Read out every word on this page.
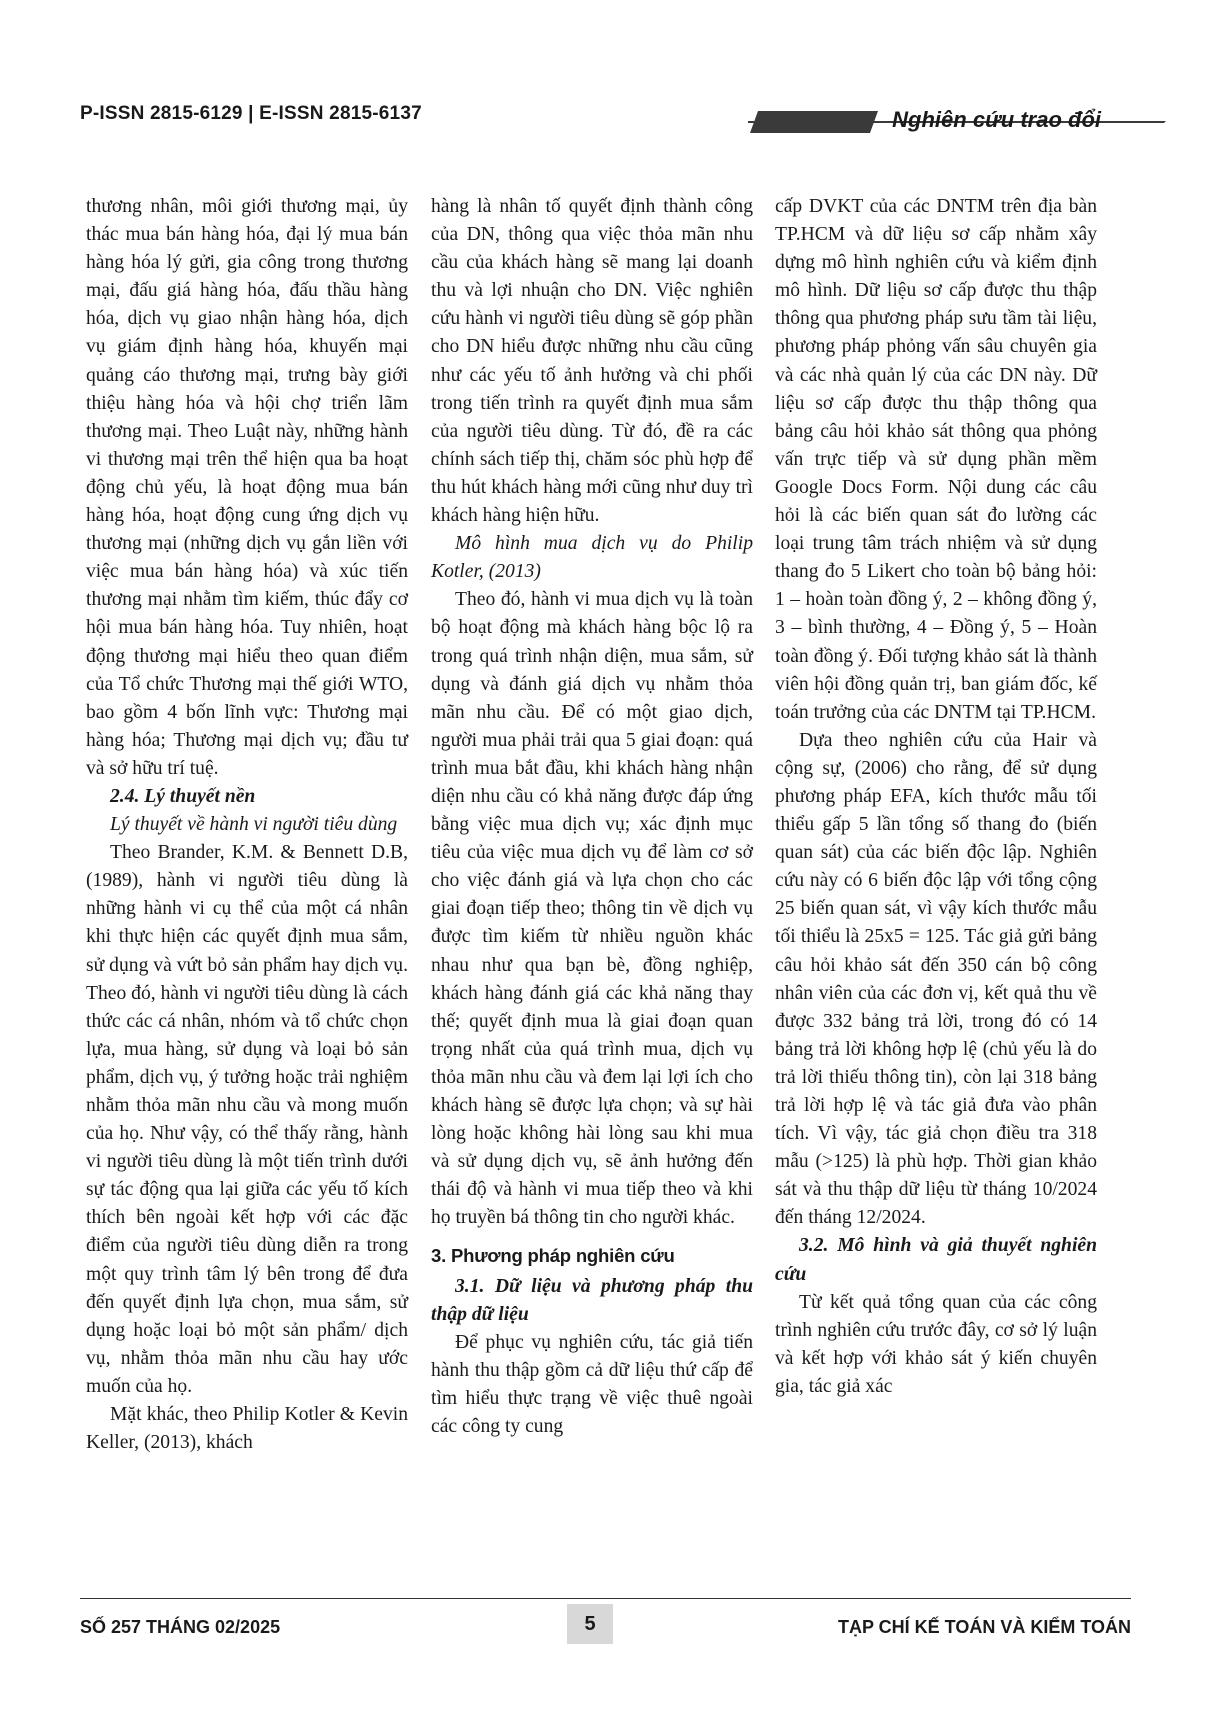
P-ISSN 2815-6129 | E-ISSN 2815-6137	Nghiên cứu trao đổi

thương nhân, môi giới thương mại, ủy thác mua bán hàng hóa, đại lý mua bán hàng hóa lý gửi, gia công trong thương mại, đấu giá hàng hóa, đấu thầu hàng hóa, dịch vụ giao nhận hàng hóa, dịch vụ giám định hàng hóa, khuyến mại quảng cáo thương mại, trưng bày giới thiệu hàng hóa và hội chợ triển lãm thương mại. Theo Luật này, những hành vi thương mại trên thể hiện qua ba hoạt động chủ yếu, là hoạt động mua bán hàng hóa, hoạt động cung ứng dịch vụ thương mại (những dịch vụ gắn liền với việc mua bán hàng hóa) và xúc tiến thương mại nhằm tìm kiếm, thúc đẩy cơ hội mua bán hàng hóa. Tuy nhiên, hoạt động thương mại hiểu theo quan điểm của Tổ chức Thương mại thế giới WTO, bao gồm 4 bốn lĩnh vực: Thương mại hàng hóa; Thương mại dịch vụ; đầu tư và sở hữu trí tuệ.

2.4. Lý thuyết nền

Lý thuyết về hành vi người tiêu dùng

Theo Brander, K.M. & Bennett D.B, (1989), hành vi người tiêu dùng là những hành vi cụ thể của một cá nhân khi thực hiện các quyết định mua sắm, sử dụng và vứt bỏ sản phẩm hay dịch vụ. Theo đó, hành vi người tiêu dùng là cách thức các cá nhân, nhóm và tổ chức chọn lựa, mua hàng, sử dụng và loại bỏ sản phẩm, dịch vụ, ý tưởng hoặc trải nghiệm nhằm thỏa mãn nhu cầu và mong muốn của họ. Như vậy, có thể thấy rằng, hành vi người tiêu dùng là một tiến trình dưới sự tác động qua lại giữa các yếu tố kích thích bên ngoài kết hợp với các đặc điểm của người tiêu dùng diễn ra trong một quy trình tâm lý bên trong để đưa đến quyết định lựa chọn, mua sắm, sử dụng hoặc loại bỏ một sản phẩm/ dịch vụ, nhằm thỏa mãn nhu cầu hay ước muốn của họ.

Mặt khác, theo Philip Kotler & Kevin Keller, (2013), khách

hàng là nhân tố quyết định thành công của DN, thông qua việc thỏa mãn nhu cầu của khách hàng sẽ mang lại doanh thu và lợi nhuận cho DN. Việc nghiên cứu hành vi người tiêu dùng sẽ góp phần cho DN hiểu được những nhu cầu cũng như các yếu tố ảnh hưởng và chi phối trong tiến trình ra quyết định mua sắm của người tiêu dùng. Từ đó, đề ra các chính sách tiếp thị, chăm sóc phù hợp để thu hút khách hàng mới cũng như duy trì khách hàng hiện hữu.

Mô hình mua dịch vụ do Philip Kotler, (2013)

Theo đó, hành vi mua dịch vụ là toàn bộ hoạt động mà khách hàng bộc lộ ra trong quá trình nhận diện, mua sắm, sử dụng và đánh giá dịch vụ nhằm thỏa mãn nhu cầu. Để có một giao dịch, người mua phải trải qua 5 giai đoạn: quá trình mua bắt đầu, khi khách hàng nhận diện nhu cầu có khả năng được đáp ứng bằng việc mua dịch vụ; xác định mục tiêu của việc mua dịch vụ để làm cơ sở cho việc đánh giá và lựa chọn cho các giai đoạn tiếp theo; thông tin về dịch vụ được tìm kiếm từ nhiều nguồn khác nhau như qua bạn bè, đồng nghiệp, khách hàng đánh giá các khả năng thay thế; quyết định mua là giai đoạn quan trọng nhất của quá trình mua, dịch vụ thỏa mãn nhu cầu và đem lại lợi ích cho khách hàng sẽ được lựa chọn; và sự hài lòng hoặc không hài lòng sau khi mua và sử dụng dịch vụ, sẽ ảnh hưởng đến thái độ và hành vi mua tiếp theo và khi họ truyền bá thông tin cho người khác.

3. Phương pháp nghiên cứu
3.1. Dữ liệu và phương pháp thu thập dữ liệu

Để phục vụ nghiên cứu, tác giả tiến hành thu thập gồm cả dữ liệu thứ cấp để tìm hiểu thực trạng về việc thuê ngoài các công ty cung

cấp DVKT của các DNTM trên địa bàn TP.HCM và dữ liệu sơ cấp nhằm xây dựng mô hình nghiên cứu và kiểm định mô hình. Dữ liệu sơ cấp được thu thập thông qua phương pháp sưu tầm tài liệu, phương pháp phỏng vấn sâu chuyên gia và các nhà quản lý của các DN này. Dữ liệu sơ cấp được thu thập thông qua bảng câu hỏi khảo sát thông qua phỏng vấn trực tiếp và sử dụng phần mềm Google Docs Form. Nội dung các câu hỏi là các biến quan sát đo lường các loại trung tâm trách nhiệm và sử dụng thang đo 5 Likert cho toàn bộ bảng hỏi: 1 – hoàn toàn đồng ý, 2 – không đồng ý, 3 – bình thường, 4 – Đồng ý, 5 – Hoàn toàn đồng ý. Đối tượng khảo sát là thành viên hội đồng quản trị, ban giám đốc, kế toán trưởng của các DNTM tại TP.HCM.

Dựa theo nghiên cứu của Hair và cộng sự, (2006) cho rằng, để sử dụng phương pháp EFA, kích thước mẫu tối thiểu gấp 5 lần tổng số thang đo (biến quan sát) của các biến độc lập. Nghiên cứu này có 6 biến độc lập với tổng cộng 25 biến quan sát, vì vậy kích thước mẫu tối thiểu là 25x5 = 125. Tác giả gửi bảng câu hỏi khảo sát đến 350 cán bộ công nhân viên của các đơn vị, kết quả thu về được 332 bảng trả lời, trong đó có 14 bảng trả lời không hợp lệ (chủ yếu là do trả lời thiếu thông tin), còn lại 318 bảng trả lời hợp lệ và tác giả đưa vào phân tích. Vì vậy, tác giả chọn điều tra 318 mẫu (>125) là phù hợp. Thời gian khảo sát và thu thập dữ liệu từ tháng 10/2024 đến tháng 12/2024.

3.2. Mô hình và giả thuyết nghiên cứu

Từ kết quả tổng quan của các công trình nghiên cứu trước đây, cơ sở lý luận và kết hợp với khảo sát ý kiến chuyên gia, tác giả xác

SỐ 257 THÁNG 02/2025	5	TẠP CHÍ KẾ TOÁN VÀ KIỂM TOÁN
